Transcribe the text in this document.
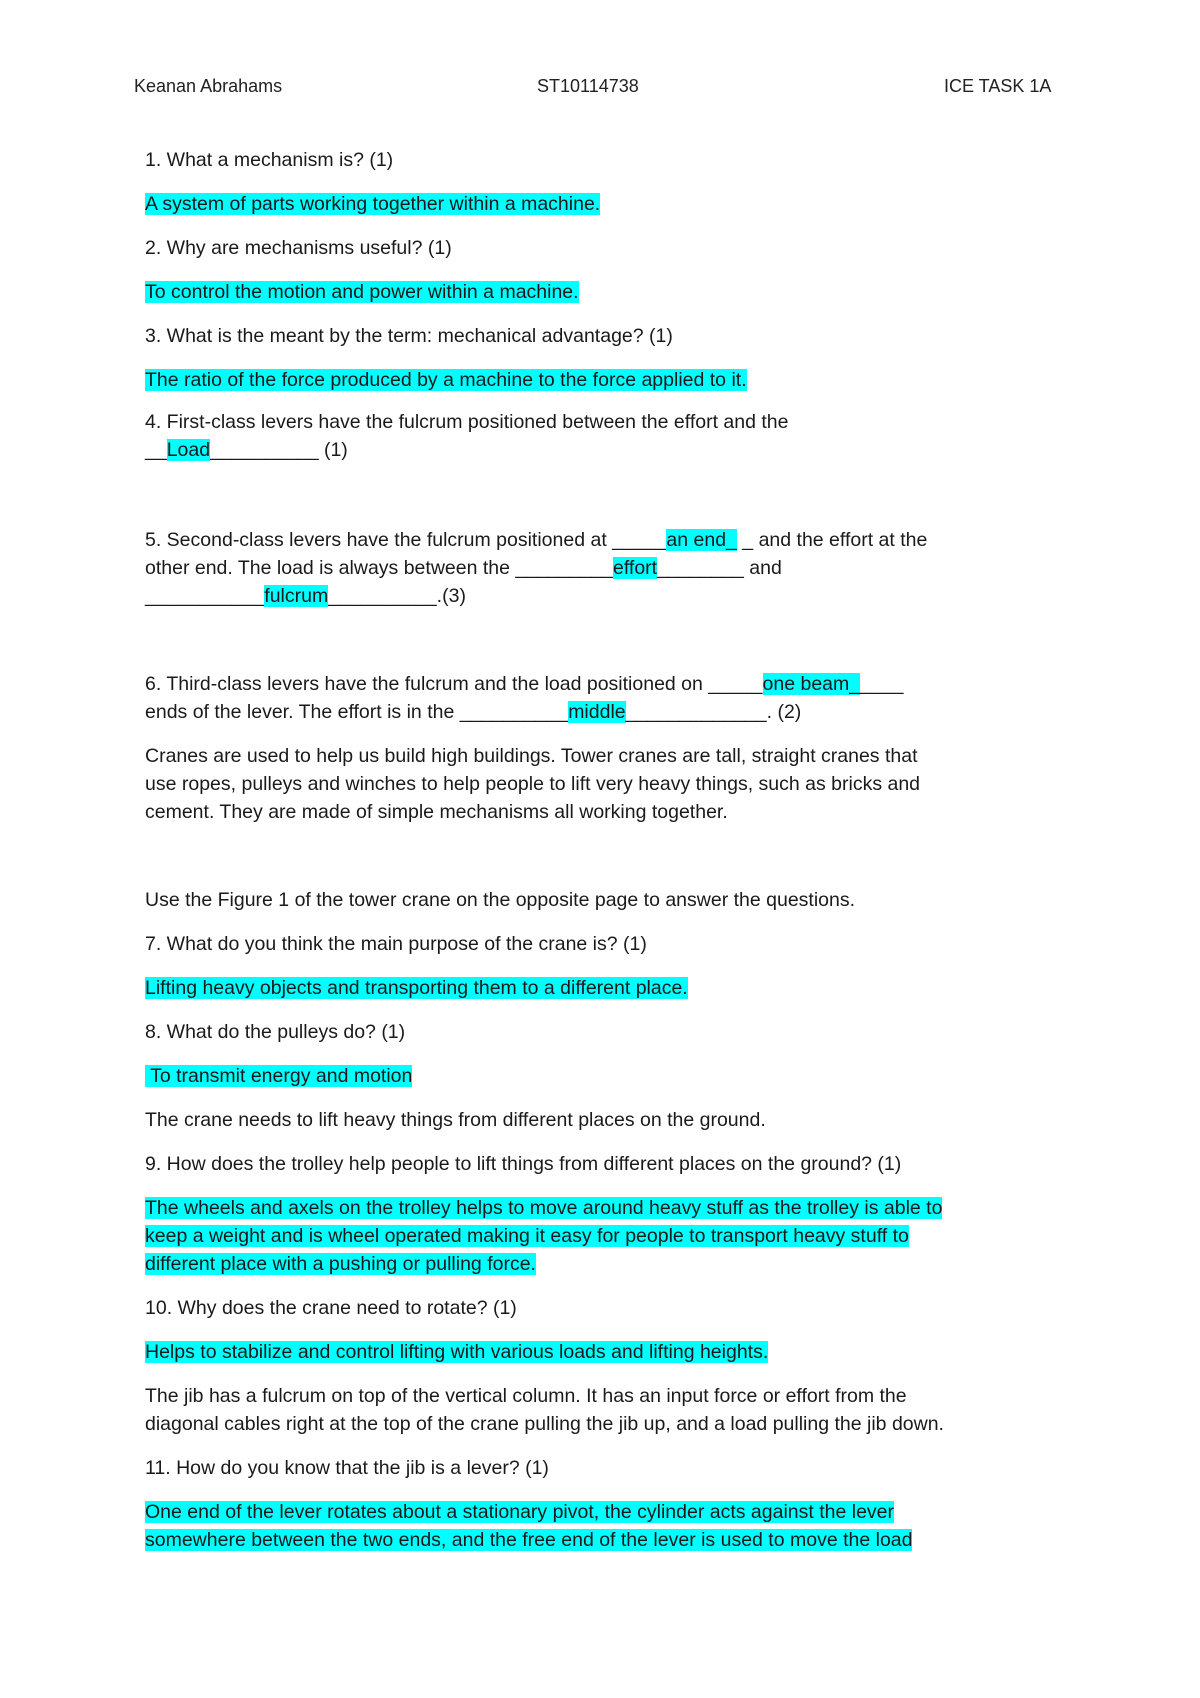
Keanan Abrahams	ST10114738	ICE TASK 1A
1. What a mechanism is? (1)
A system of parts working together within a machine.
2. Why are mechanisms useful? (1)
To control the motion and power within a machine.
3. What is the meant by the term: mechanical advantage? (1)
The ratio of the force produced by a machine to the force applied to it.
4. First-class levers have the fulcrum positioned between the effort and the
__Load__________ (1)
5. Second-class levers have the fulcrum positioned at _____an end_ _ and the effort at the
other end. The load is always between the _________effort________ and
___________fulcrum__________.(3)
6. Third-class levers have the fulcrum and the load positioned on _____one beam_____
ends of the lever. The effort is in the __________middle_____________. (2)
Cranes are used to help us build high buildings. Tower cranes are tall, straight cranes that
use ropes, pulleys and winches to help people to lift very heavy things, such as bricks and
cement. They are made of simple mechanisms all working together.
Use the Figure 1 of the tower crane on the opposite page to answer the questions.
7. What do you think the main purpose of the crane is? (1)
Lifting heavy objects and transporting them to a different place.
8. What do the pulleys do? (1)
To transmit energy and motion
The crane needs to lift heavy things from different places on the ground.
9. How does the trolley help people to lift things from different places on the ground? (1)
The wheels and axels on the trolley helps to move around heavy stuff as the trolley is able to
keep a weight and is wheel operated making it easy for people to transport heavy stuff to
different place with a pushing or pulling force.
10. Why does the crane need to rotate? (1)
Helps to stabilize and control lifting with various loads and lifting heights.
The jib has a fulcrum on top of the vertical column. It has an input force or effort from the
diagonal cables right at the top of the crane pulling the jib up, and a load pulling the jib down.
11. How do you know that the jib is a lever? (1)
One end of the lever rotates about a stationary pivot, the cylinder acts against the lever
somewhere between the two ends, and the free end of the lever is used to move the load
